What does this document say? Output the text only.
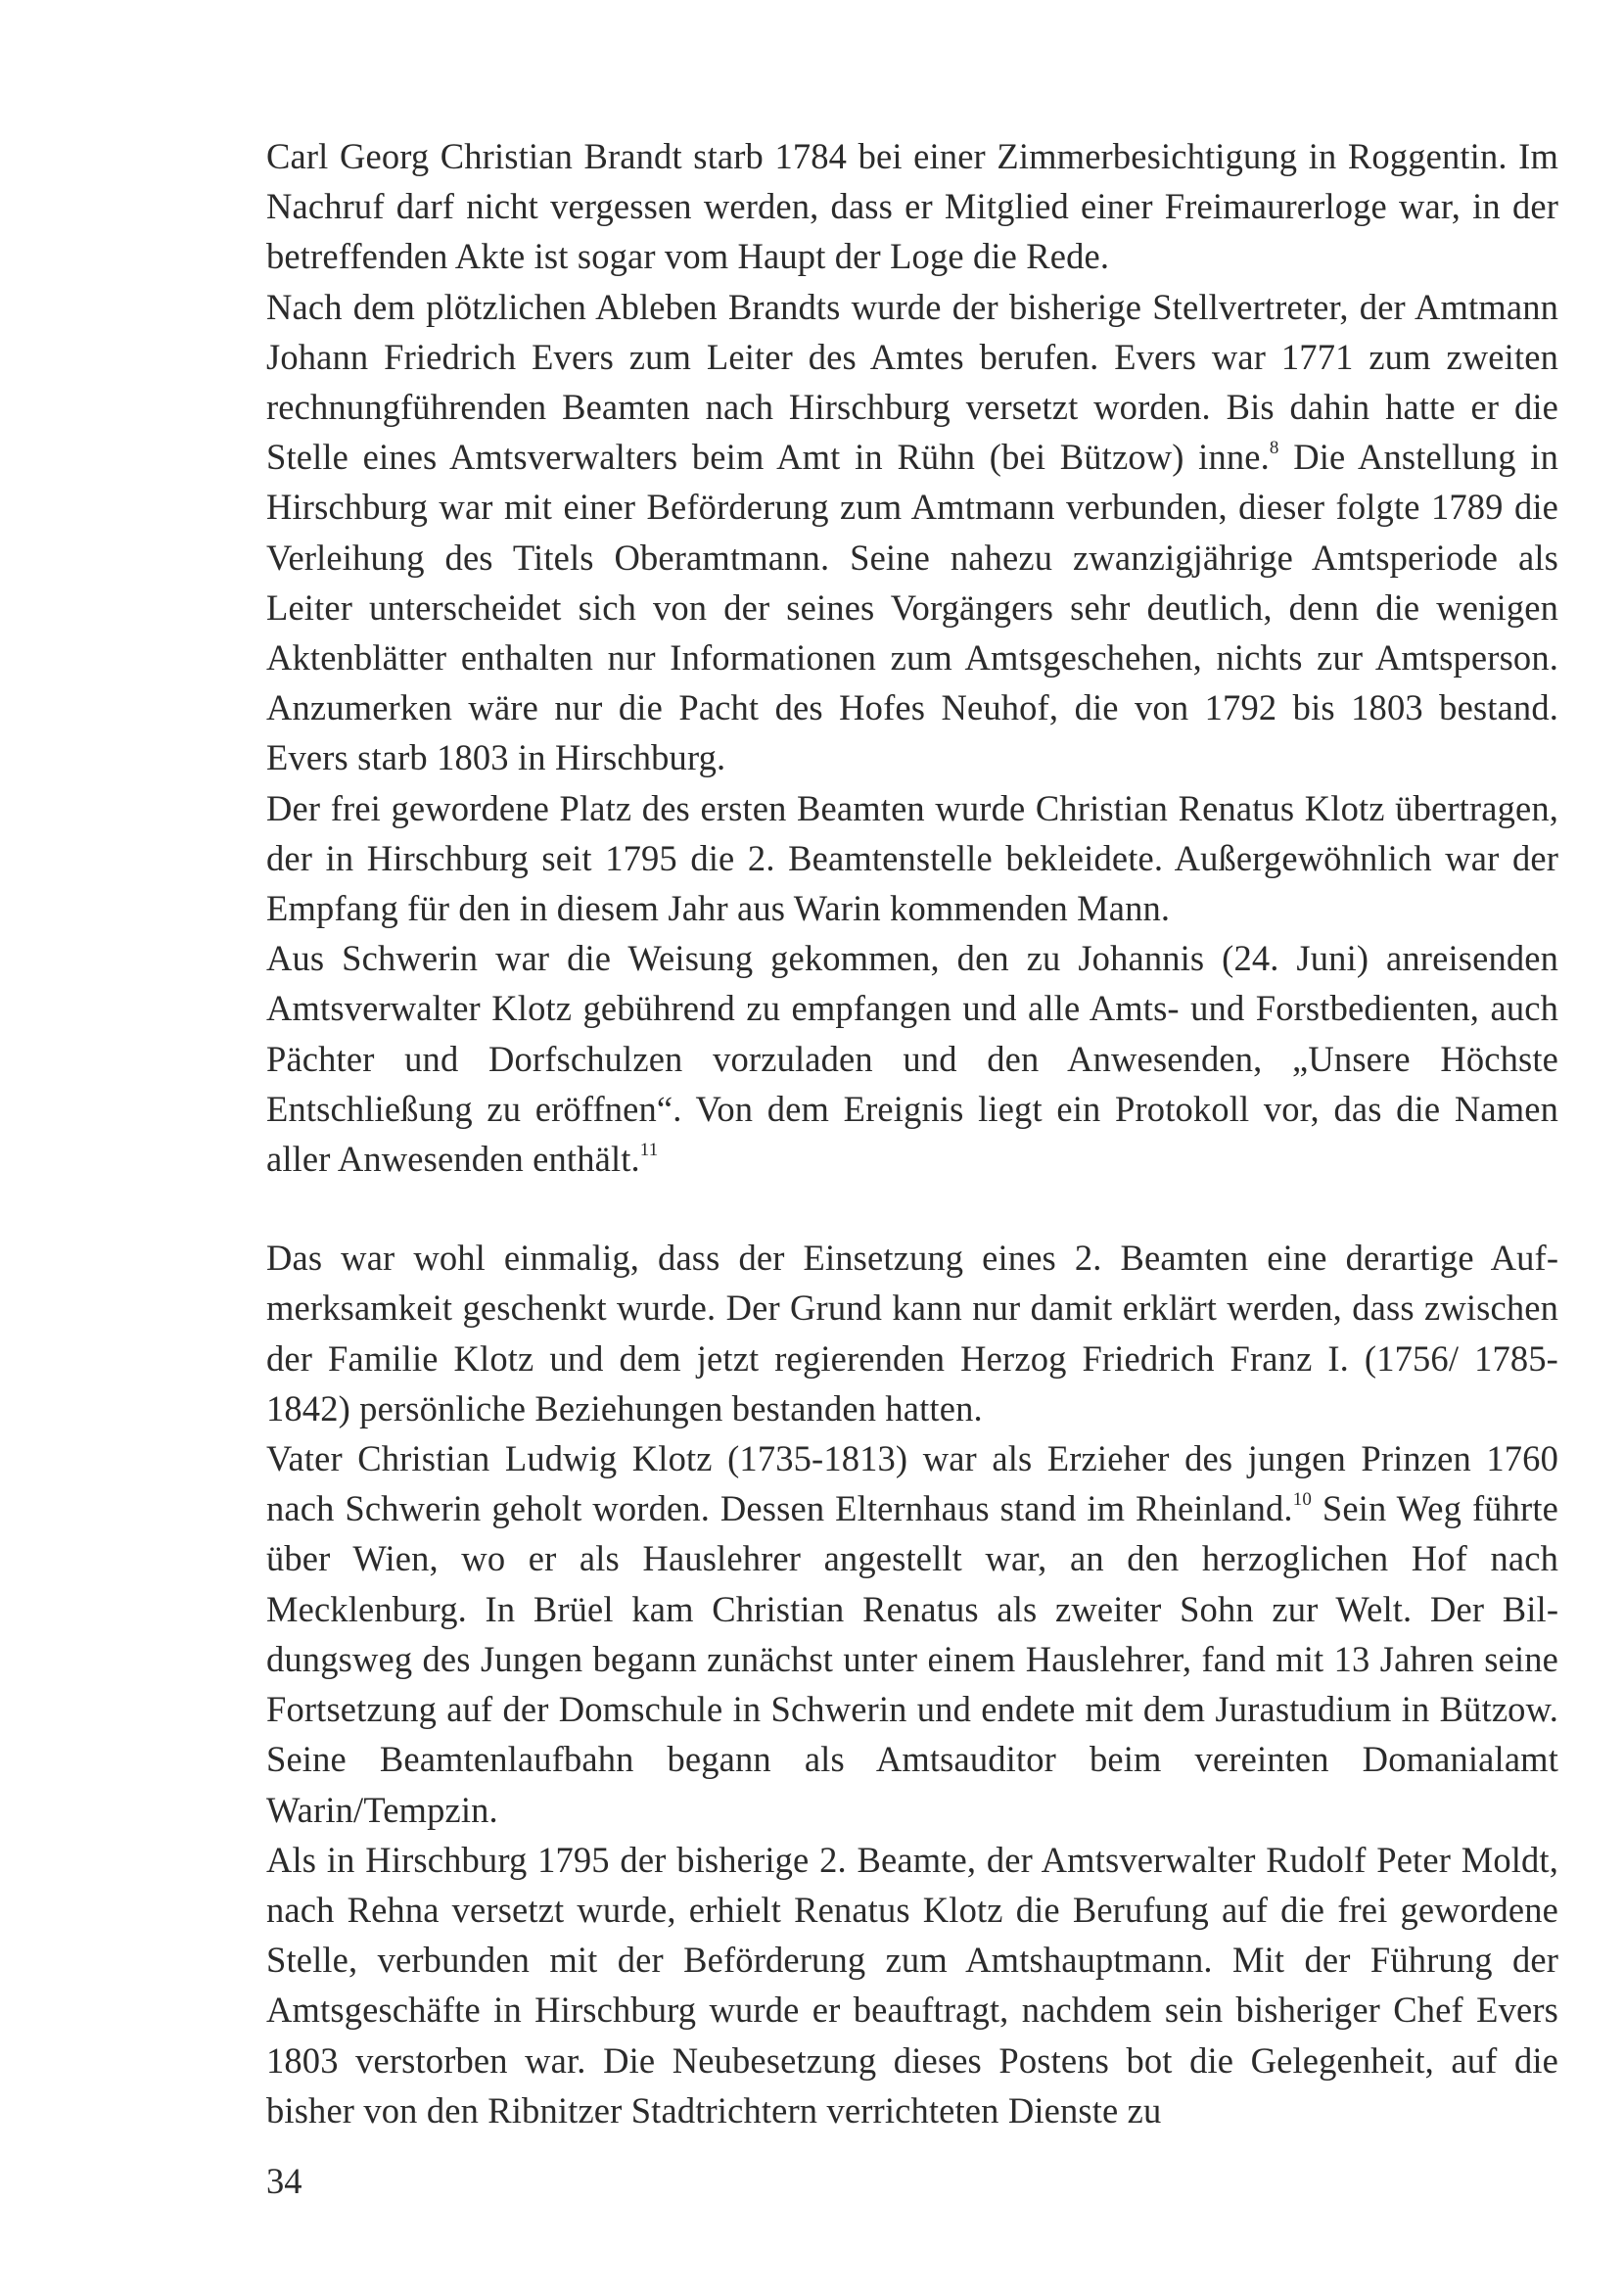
Carl Georg Christian Brandt starb 1784 bei einer Zimmerbesichtigung in Roggentin. Im Nachruf darf nicht vergessen werden, dass er Mitglied einer Freimaurerloge war, in der betreffenden Akte ist sogar vom Haupt der Loge die Rede.

Nach dem plötzlichen Ableben Brandts wurde der bisherige Stellvertreter, der Amtmann Johann Friedrich Evers zum Leiter des Amtes berufen. Evers war 1771 zum zweiten rechnungführenden Beamten nach Hirschburg versetzt worden. Bis dahin hatte er die Stelle eines Amtsverwalters beim Amt in Rühn (bei Bützow) inne.$^8$ Die Anstellung in Hirschburg war mit einer Beförderung zum Amtmann verbunden, dieser folgte 1789 die Verleihung des Titels Oberamtmann. Seine nahezu zwanzigjährige Amtsperiode als Leiter unterscheidet sich von der seines Vorgängers sehr deutlich, denn die wenigen Aktenblätter enthalten nur Informationen zum Amtsgeschehen, nichts zur Amtsperson. Anzumerken wäre nur die Pacht des Hofes Neuhof, die von 1792 bis 1803 bestand. Evers starb 1803 in Hirschburg.

Der frei gewordene Platz des ersten Beamten wurde Christian Renatus Klotz übertragen, der in Hirschburg seit 1795 die 2. Beamtenstelle bekleidete. Außergewöhnlich war der Empfang für den in diesem Jahr aus Warin kommenden Mann.

Aus Schwerin war die Weisung gekommen, den zu Johannis (24. Juni) anreisenden Amtsverwalter Klotz gebührend zu empfangen und alle Amts- und Forstbedienten, auch Pächter und Dorfschulzen vorzuladen und den Anwesenden, „Unsere Höchste Entschließung zu eröffnen“. Von dem Ereignis liegt ein Protokoll vor, das die Namen aller Anwesenden enthält.$^{11}$

Das war wohl einmalig, dass der Einsetzung eines 2. Beamten eine derartige Aufmerksamkeit geschenkt wurde. Der Grund kann nur damit erklärt werden, dass zwischen der Familie Klotz und dem jetzt regierenden Herzog Friedrich Franz I. (1756/ 1785-1842) persönliche Beziehungen bestanden hatten.

Vater Christian Ludwig Klotz (1735-1813) war als Erzieher des jungen Prinzen 1760 nach Schwerin geholt worden. Dessen Elternhaus stand im Rheinland.$^{10}$ Sein Weg führte über Wien, wo er als Hauslehrer angestellt war, an den herzoglichen Hof nach Mecklenburg. In Brüel kam Christian Renatus als zweiter Sohn zur Welt. Der Bildungsweg des Jungen begann zunächst unter einem Hauslehrer, fand mit 13 Jahren seine Fortsetzung auf der Domschule in Schwerin und endete mit dem Jurastudium in Bützow. Seine Beamtenlaufbahn begann als Amtsauditor beim vereinten Domanialamt Warin/Tempzin.

Als in Hirschburg 1795 der bisherige 2. Beamte, der Amtsverwalter Rudolf Peter Moldt, nach Rehna versetzt wurde, erhielt Renatus Klotz die Berufung auf die frei gewordene Stelle, verbunden mit der Beförderung zum Amtshauptmann. Mit der Führung der Amtsgeschäfte in Hirschburg wurde er beauftragt, nachdem sein bisheriger Chef Evers 1803 verstorben war. Die Neubesetzung dieses Postens bot die Gelegenheit, auf die bisher von den Ribnitzer Stadtrichtern verrichteten Dienste zu

34
